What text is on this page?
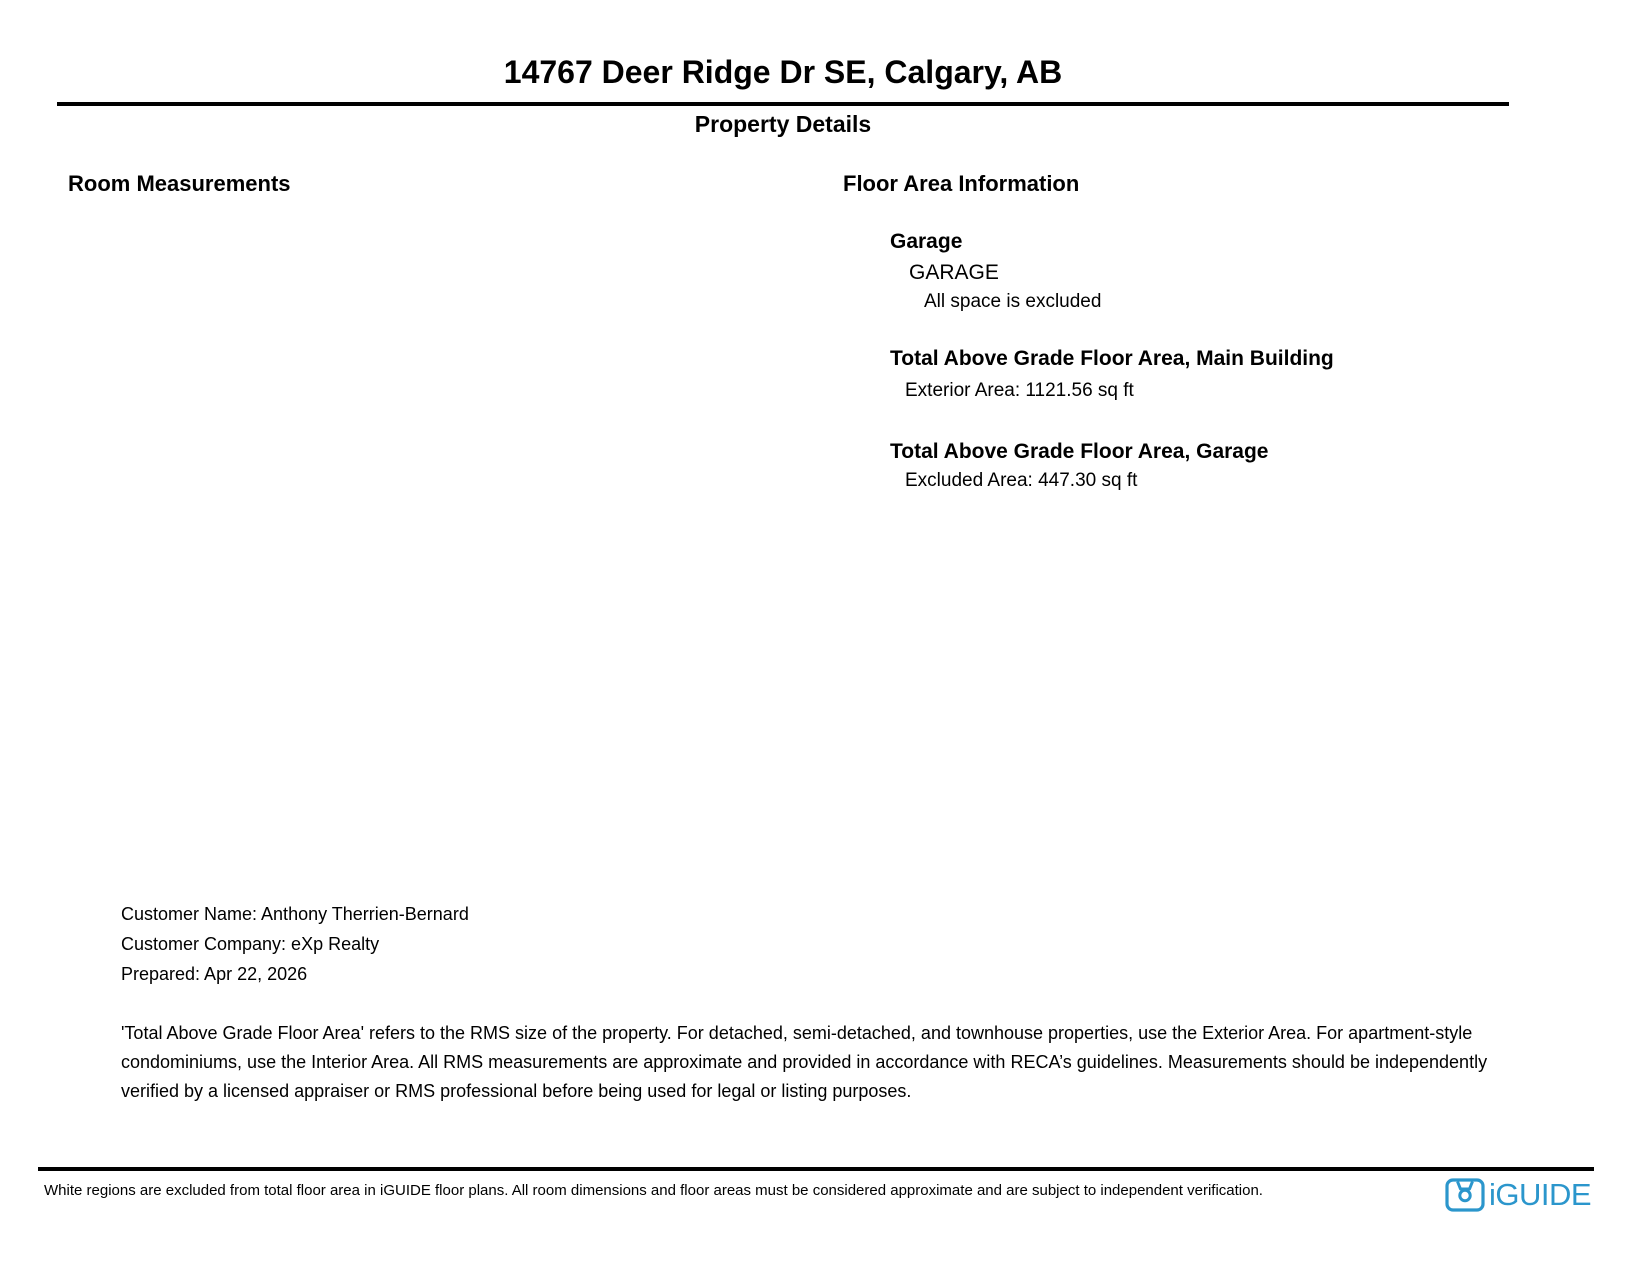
14767 Deer Ridge Dr SE, Calgary, AB
Property Details
Room Measurements	Floor Area Information
Garage
GARAGE
All space is excluded
Total Above Grade Floor Area, Main Building
Exterior Area: 1121.56 sq ft
Total Above Grade Floor Area, Garage
Excluded Area: 447.30 sq ft
Customer Name: Anthony Therrien-Bernard
Customer Company: eXp Realty
Prepared: Apr 22, 2026
'Total Above Grade Floor Area' refers to the RMS size of the property. For detached, semi-detached, and townhouse properties, use the Exterior Area. For apartment-style condominiums, use the Interior Area. All RMS measurements are approximate and provided in accordance with RECA’s guidelines. Measurements should be independently verified by a licensed appraiser or RMS professional before being used for legal or listing purposes.
White regions are excluded from total floor area in iGUIDE floor plans. All room dimensions and floor areas must be considered approximate and are subject to independent verification.	iGUIDE
